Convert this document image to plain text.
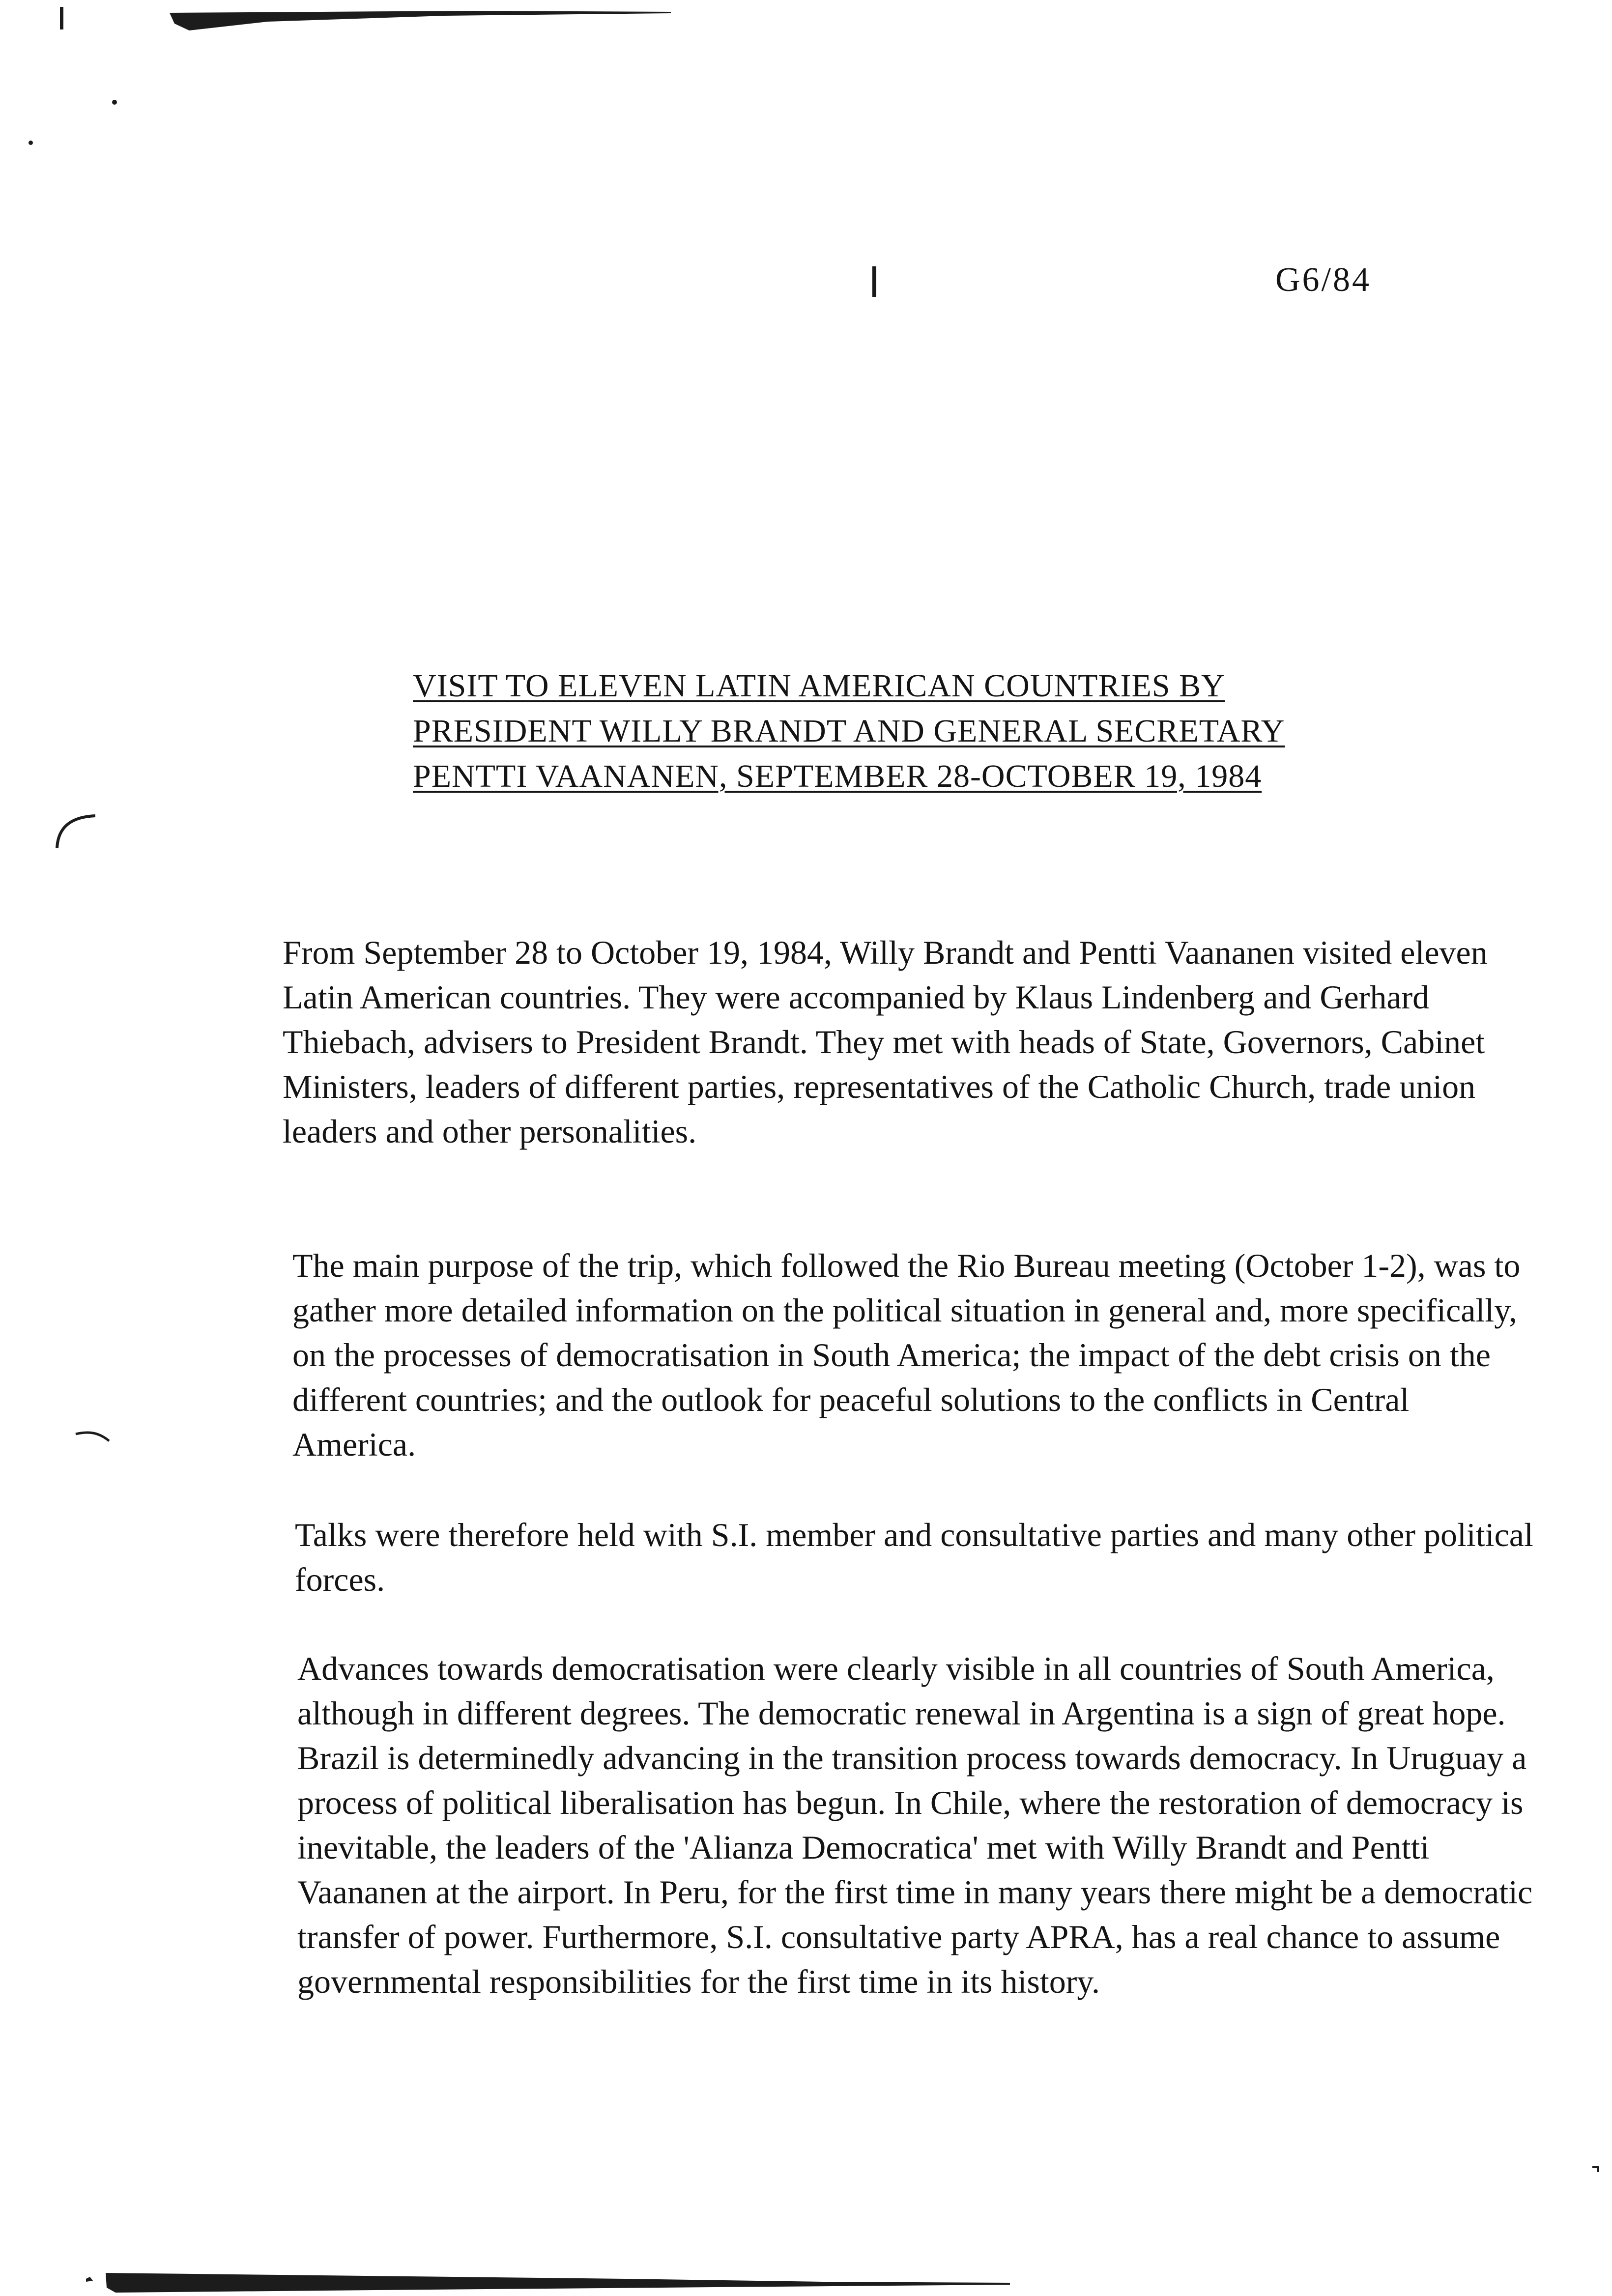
G6/84
VISIT TO ELEVEN LATIN AMERICAN COUNTRIES BY
PRESIDENT WILLY BRANDT AND GENERAL SECRETARY
PENTTI VAANANEN, SEPTEMBER 28-OCTOBER 19, 1984

From September 28 to October 19, 1984, Willy Brandt and Pentti Vaananen visited eleven Latin American countries. They were accompanied by Klaus Lindenberg and Gerhard Thiebach, advisers to President Brandt. They met with heads of State, Governors, Cabinet Ministers, leaders of different parties, representatives of the Catholic Church, trade union leaders and other personalities.

The main purpose of the trip, which followed the Rio Bureau meeting (October 1-2), was to gather more detailed information on the political situation in general and, more specifically, on the processes of democratisation in South America; the impact of the debt crisis on the different countries; and the outlook for peaceful solutions to the conflicts in Central America.

Talks were therefore held with S.I. member and consultative parties and many other political forces.

Advances towards democratisation were clearly visible in all countries of South America, although in different degrees. The democratic renewal in Argentina is a sign of great hope. Brazil is determinedly advancing in the transition process towards democracy. In Uruguay a process of political liberalisation has begun. In Chile, where the restoration of democracy is inevitable, the leaders of the 'Alianza Democratica' met with Willy Brandt and Pentti Vaananen at the airport. In Peru, for the first time in many years there might be a democratic transfer of power. Furthermore, S.I. consultative party APRA, has a real chance to assume governmental responsibilities for the first time in its history.
